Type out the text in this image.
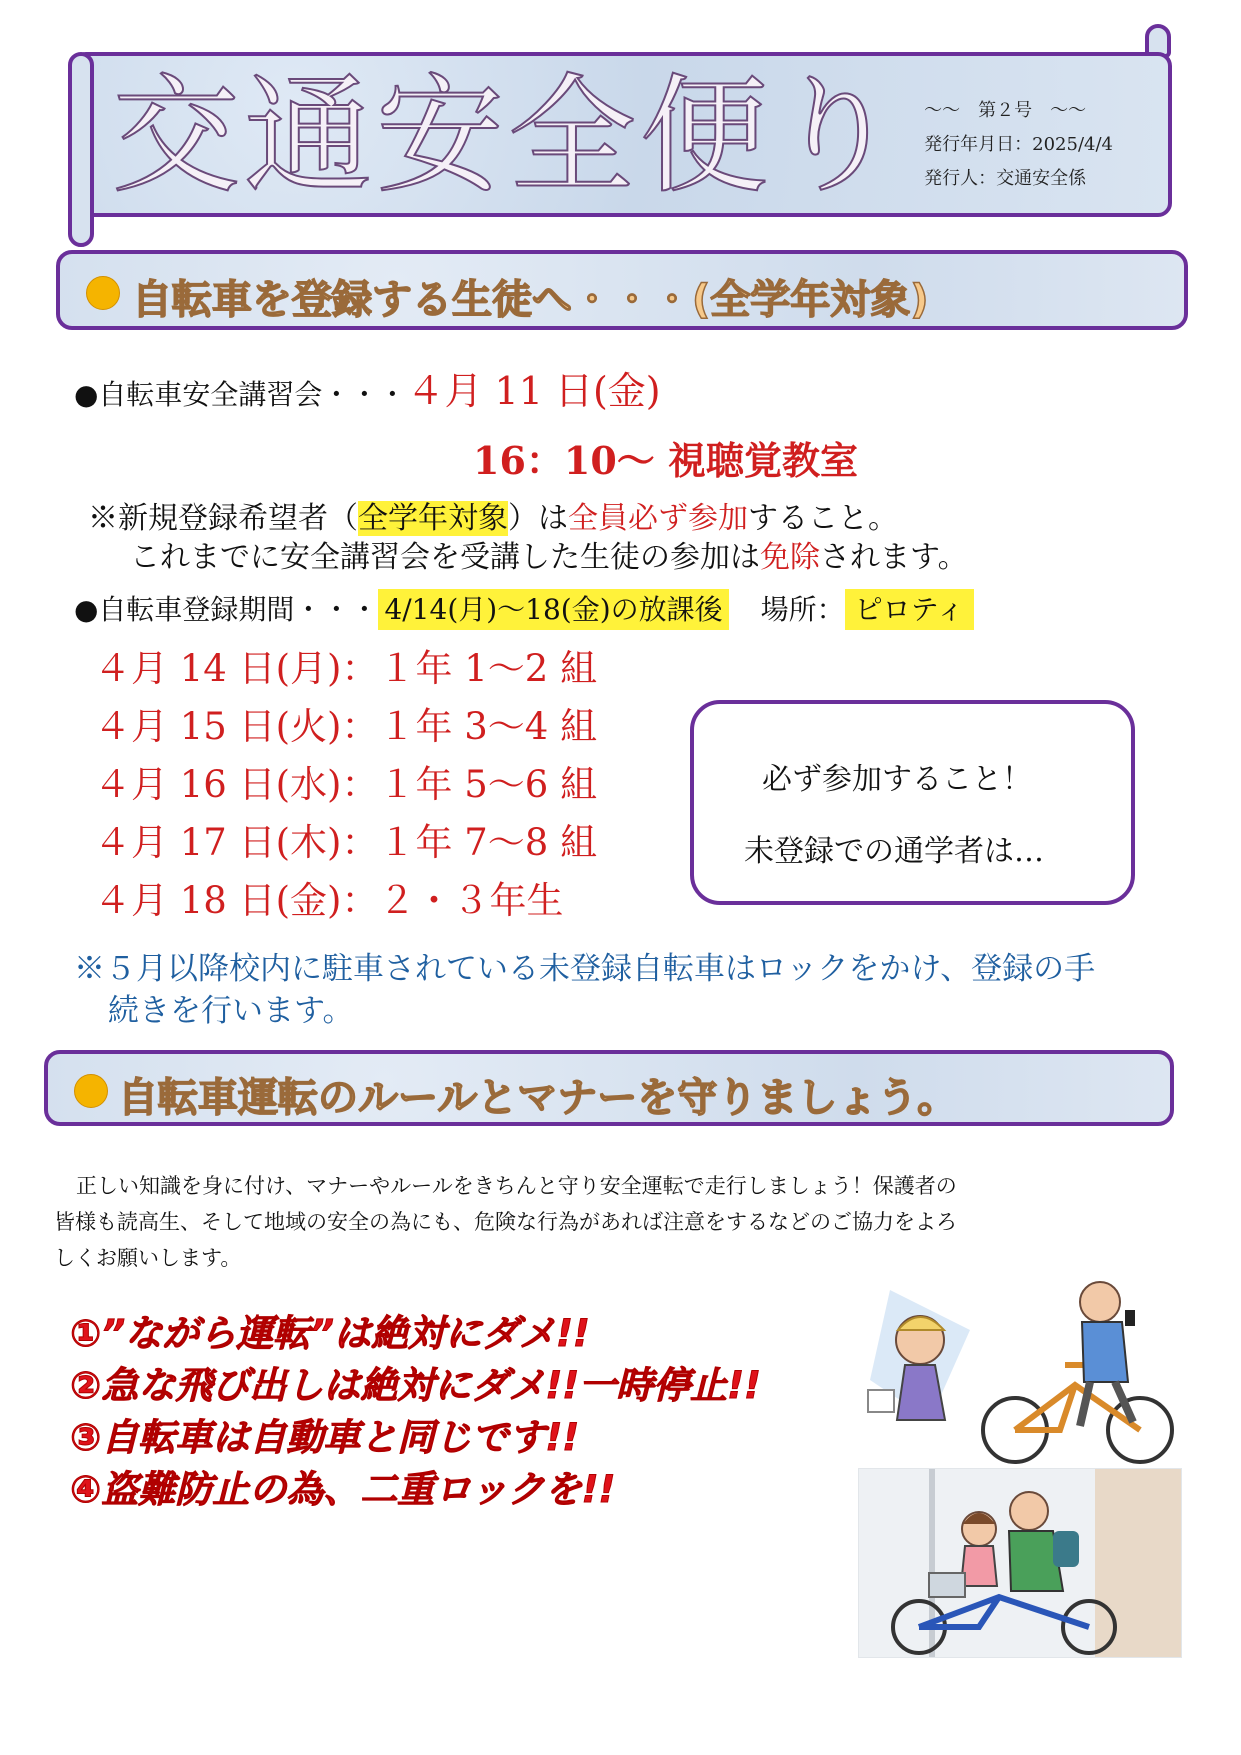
交通安全便り 〜〜　第２号　〜〜
発行年月日：2025/4/4
発行人：交通安全係
自転車を登録する生徒へ・・・(全学年対象)
●自転車安全講習会・・・４月 11 日(金)
16：10〜 視聴覚教室
※新規登録希望者（全学年対象）は全員必ず参加すること。
これまでに安全講習会を受講した生徒の参加は免除されます。
●自転車登録期間・・・ 4/14(月)〜18(金)の放課後 場所： ピロティ
４月 14 日(月)：１年 1〜2 組
４月 15 日(火)：１年 3〜4 組
４月 16 日(水)：１年 5〜6 組
４月 17 日(木)：１年 7〜8 組
４月 18 日(金)：２・３年生
必ず参加すること！
未登録での通学者は…
※５月以降校内に駐車されている未登録自転車はロックをかけ、登録の手
続きを行います。
自転車運転のルールとマナーを守りましょう。
正しい知識を身に付け、マナーやルールをきちんと守り安全運転で走行しましょう！保護者の
皆様も読高生、そして地域の安全の為にも、危険な行為があれば注意をするなどのご協力をよろ
しくお願いします。
①”ながら運転”は絶対にダメ!!
②急な飛び出しは絶対にダメ!!一時停止!!
③自転車は自動車と同じです!!
④盗難防止の為、二重ロックを!!
